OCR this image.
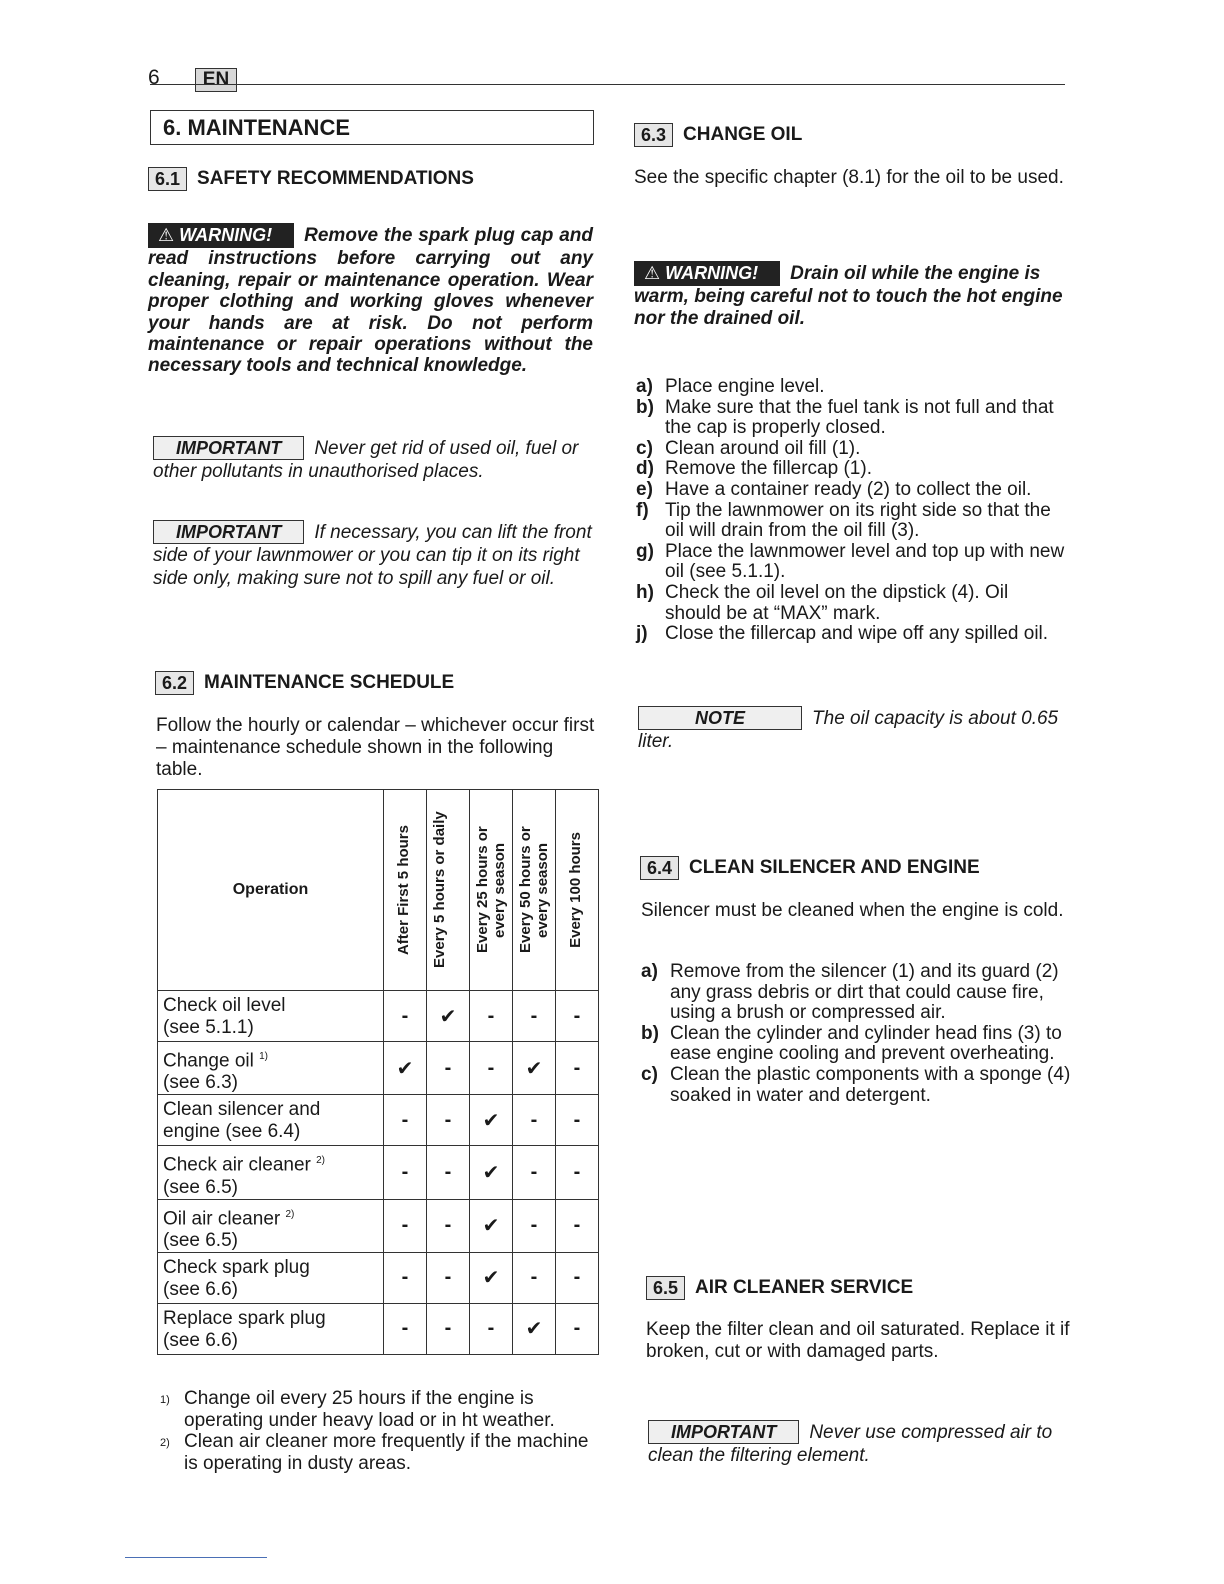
6	EN
6. MAINTENANCE
6.1 SAFETY RECOMMENDATIONS
⚠ WARNING! Remove the spark plug cap and read instructions before carrying out any cleaning, repair or maintenance operation. Wear proper clothing and working gloves whenever your hands are at risk. Do not perform maintenance or repair operations without the necessary tools and technical knowledge.
IMPORTANT Never get rid of used oil, fuel or other pollutants in unauthorised places.
IMPORTANT If necessary, you can lift the front side of your lawnmower or you can tip it on its right side only, making sure not to spill any fuel or oil.
6.2 MAINTENANCE SCHEDULE
Follow the hourly or calendar – whichever occur first – maintenance schedule shown in the following table.
Operation	After First 5 hours	Every 5 hours or daily	Every 25 hours or every season	Every 50 hours or every season	Every 100 hours

Check oil level
(see 5.1.1)	-	✔	-	-	-

Change oil $^{1)}$
(see 6.3)	✔	-	-	✔	-

Clean silencer and
engine (see 6.4)	-	-	✔	-	-

Check air cleaner $^{2)}$
(see 6.5)	-	-	✔	-	-

Oil air cleaner $^{2)}$
(see 6.5)	-	-	✔	-	-

Check spark plug
(see 6.6)	-	-	✔	-	-

Replace spark plug
(see 6.6)	-	-	-	✔	-
1) Change oil every 25 hours if the engine is operating under heavy load or in ht weather.
2) Clean air cleaner more frequently if the machine is operating in dusty areas.
6.3 CHANGE OIL
See the specific chapter (8.1) for the oil to be used.
⚠ WARNING! Drain oil while the engine is warm, being careful not to touch the hot engine nor the drained oil.
a) Place engine level.
b) Make sure that the fuel tank is not full and that the cap is properly closed.
c) Clean around oil fill (1).
d) Remove the fillercap (1).
e) Have a container ready (2) to collect the oil.
f) Tip the lawnmower on its right side so that the oil will drain from the oil fill (3).
g) Place the lawnmower level and top up with new oil (see 5.1.1).
h) Check the oil level on the dipstick (4). Oil should be at “MAX” mark.
j) Close the fillercap and wipe off any spilled oil.
NOTE	The oil capacity is about 0.65 liter.
6.4 CLEAN SILENCER AND ENGINE
Silencer must be cleaned when the engine is cold.
a) Remove from the silencer (1) and its guard (2) any grass debris or dirt that could cause fire, using a brush or compressed air.
b) Clean the cylinder and cylinder head fins (3) to ease engine cooling and prevent overheating.
c) Clean the plastic components with a sponge (4) soaked in water and detergent.
6.5 AIR CLEANER SERVICE
Keep the filter clean and oil saturated. Replace it if broken, cut or with damaged parts.
IMPORTANT Never use compressed air to clean the filtering element.
